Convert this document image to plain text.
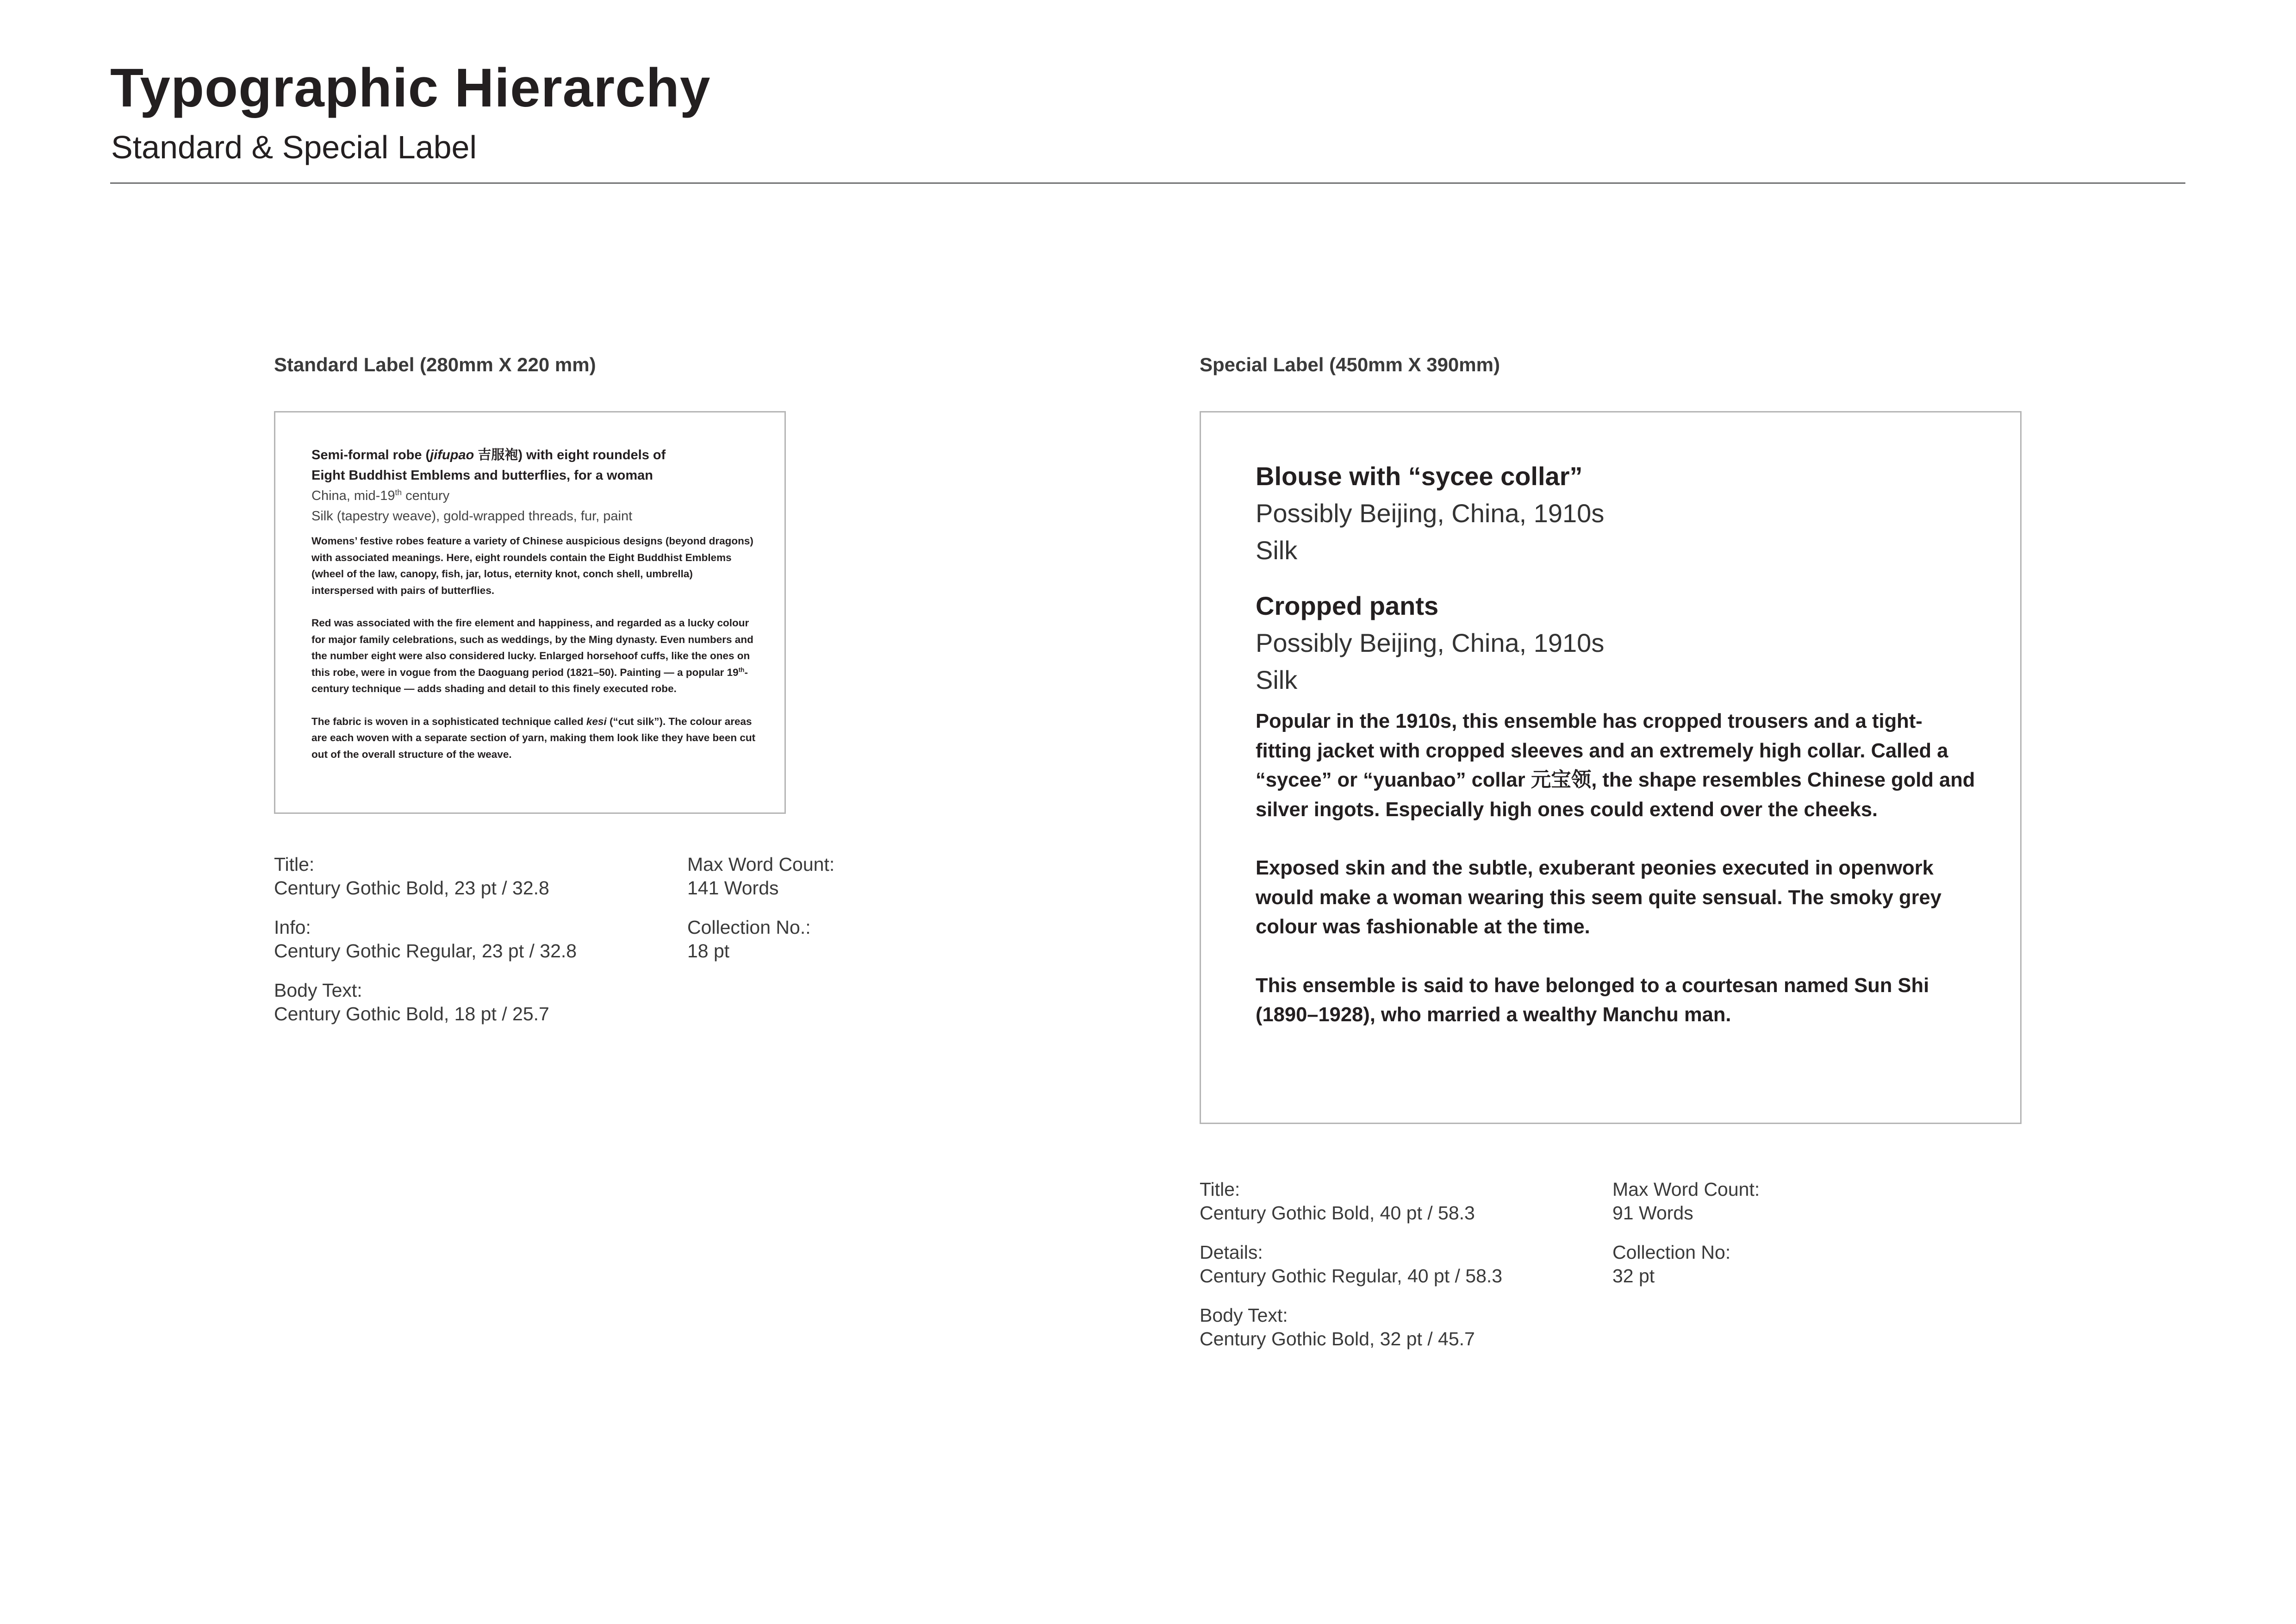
Typographic Hierarchy
Standard & Special Label
Standard Label (280mm X 220 mm)
Semi-formal robe (jifupao 吉服袍) with eight roundels of
Eight Buddhist Emblems and butterflies, for a woman
China, mid-19th century
Silk (tapestry weave), gold-wrapped threads, fur, paint
Womens’ festive robes feature a variety of Chinese auspicious designs (beyond dragons) with associated meanings. Here, eight roundels contain the Eight Buddhist Emblems (wheel of the law, canopy, fish, jar, lotus, eternity knot, conch shell, umbrella) interspersed with pairs of butterflies.
Red was associated with the fire element and happiness, and regarded as a lucky colour for major family celebrations, such as weddings, by the Ming dynasty. Even numbers and the number eight were also considered lucky. Enlarged horsehoof cuffs, like the ones on this robe, were in vogue from the Daoguang period (1821–50). Painting — a popular 19th-century technique — adds shading and detail to this finely executed robe.
The fabric is woven in a sophisticated technique called kesi (“cut silk”). The colour areas are each woven with a separate section of yarn, making them look like they have been cut out of the overall structure of the weave.
Title:
Century Gothic Bold, 23 pt / 32.8
Info:
Century Gothic Regular, 23 pt / 32.8
Body Text:
Century Gothic Bold, 18 pt / 25.7
Max Word Count:
141 Words
Collection No.:
18 pt
Special Label (450mm X 390mm)
Blouse with “sycee collar”
Possibly Beijing, China, 1910s
Silk
Cropped pants
Possibly Beijing, China, 1910s
Silk
Popular in the 1910s, this ensemble has cropped trousers and a tight-fitting jacket with cropped sleeves and an extremely high collar. Called a “sycee” or “yuanbao” collar 元宝领, the shape resembles Chinese gold and silver ingots. Especially high ones could extend over the cheeks.
Exposed skin and the subtle, exuberant peonies executed in openwork would make a woman wearing this seem quite sensual. The smoky grey colour was fashionable at the time.
This ensemble is said to have belonged to a courtesan named Sun Shi (1890–1928), who married a wealthy Manchu man.
Title:
Century Gothic Bold, 40 pt / 58.3
Details:
Century Gothic Regular, 40 pt / 58.3
Body Text:
Century Gothic Bold, 32 pt / 45.7
Max Word Count:
91 Words
Collection No:
32 pt
